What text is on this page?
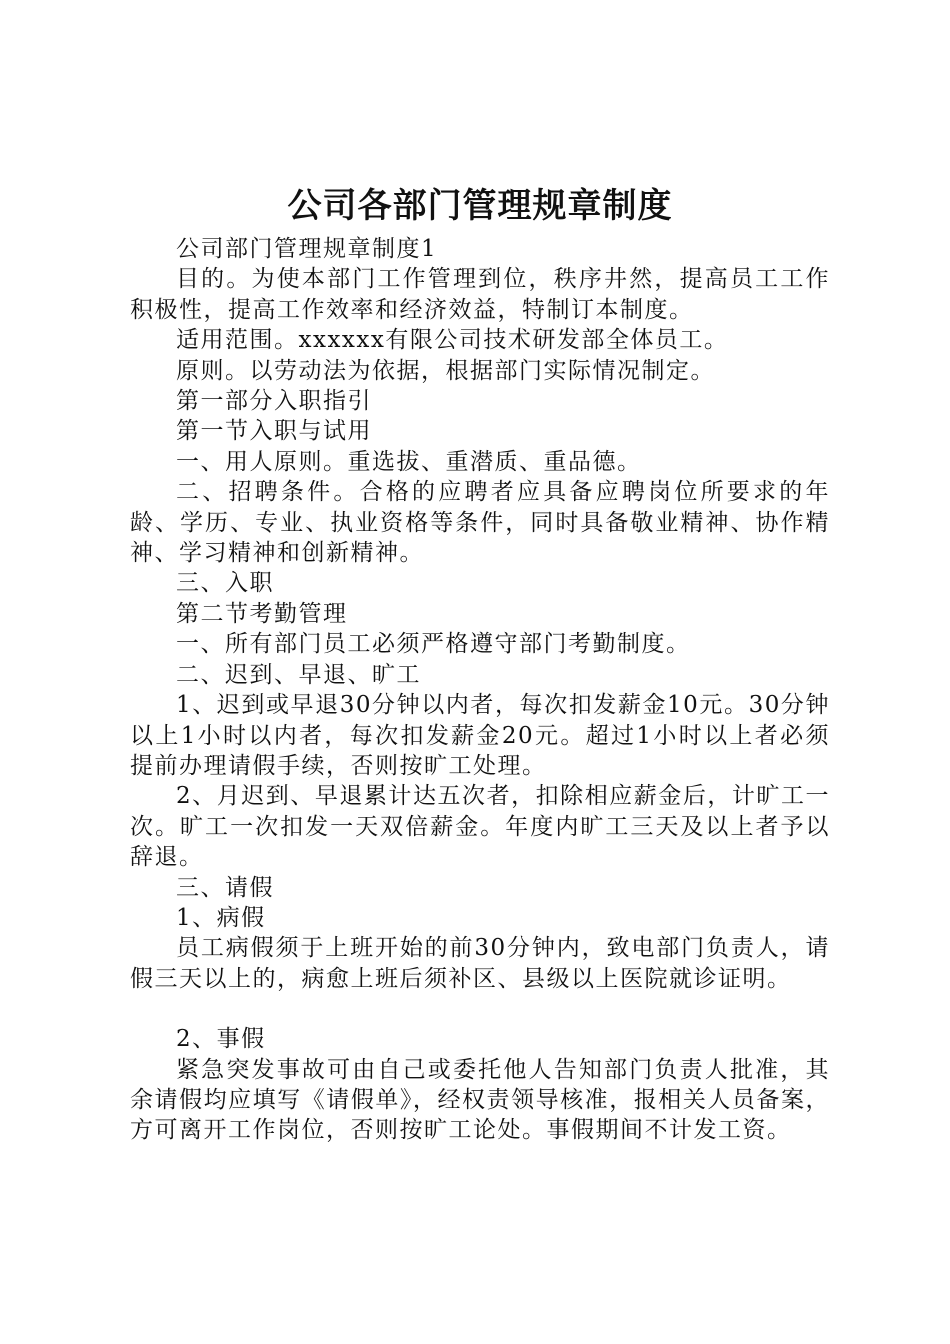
公司各部门管理规章制度

公司部门管理规章制度1

目的。为使本部门工作管理到位，秩序井然，提高员工工作积极性，提高工作效率和经济效益，特制订本制度。

适用范围。xxxxxx有限公司技术研发部全体员工。

原则。以劳动法为依据，根据部门实际情况制定。

第一部分入职指引

第一节入职与试用

一、用人原则。重选拔、重潜质、重品德。

二、招聘条件。合格的应聘者应具备应聘岗位所要求的年龄、学历、专业、执业资格等条件，同时具备敬业精神、协作精神、学习精神和创新精神。

三、入职

第二节考勤管理

一、所有部门员工必须严格遵守部门考勤制度。

二、迟到、早退、旷工

1、迟到或早退30分钟以内者，每次扣发薪金10元。30分钟以上1小时以内者，每次扣发薪金20元。超过1小时以上者必须提前办理请假手续，否则按旷工处理。

2、月迟到、早退累计达五次者，扣除相应薪金后，计旷工一次。旷工一次扣发一天双倍薪金。年度内旷工三天及以上者予以辞退。

三、请假

1、病假

员工病假须于上班开始的前30分钟内，致电部门负责人，请假三天以上的，病愈上班后须补区、县级以上医院就诊证明。

2、事假

紧急突发事故可由自己或委托他人告知部门负责人批准，其余请假均应填写《请假单》，经权责领导核准，报相关人员备案，方可离开工作岗位，否则按旷工论处。事假期间不计发工资。
